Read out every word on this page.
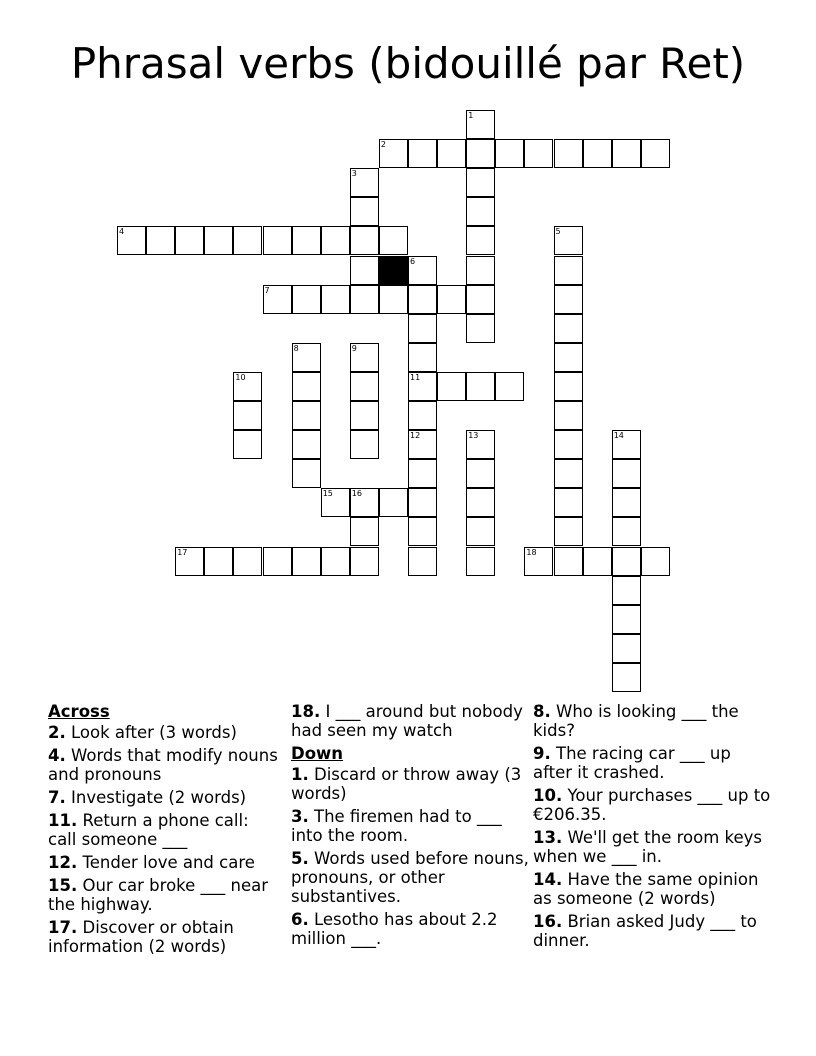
Phrasal verbs (bidouillé par Ret)
1
2
3
4	5
6
11
12
7
8	9
10
13	14
15 16
17	18
Across
2. Look after (3 words)
4. Words that modify nouns and pronouns
7. Investigate (2 words)
11. Return a phone call: call someone ___
12. Tender love and care
15. Our car broke ___ near the highway.
17. Discover or obtain information (2 words)
18. I ___ around but nobody had seen my watch
Down
1. Discard or throw away (3 words)
3. The firemen had to ___ into the room.
5. Words used before nouns, pronouns, or other substantives.
6. Lesotho has about 2.2 million ___.
8. Who is looking ___ the kids?
9. The racing car ___ up after it crashed.
10. Your purchases ___ up to €206.35.
13. We'll get the room keys when we ___ in.
14. Have the same opinion as someone (2 words)
16. Brian asked Judy ___ to dinner.
